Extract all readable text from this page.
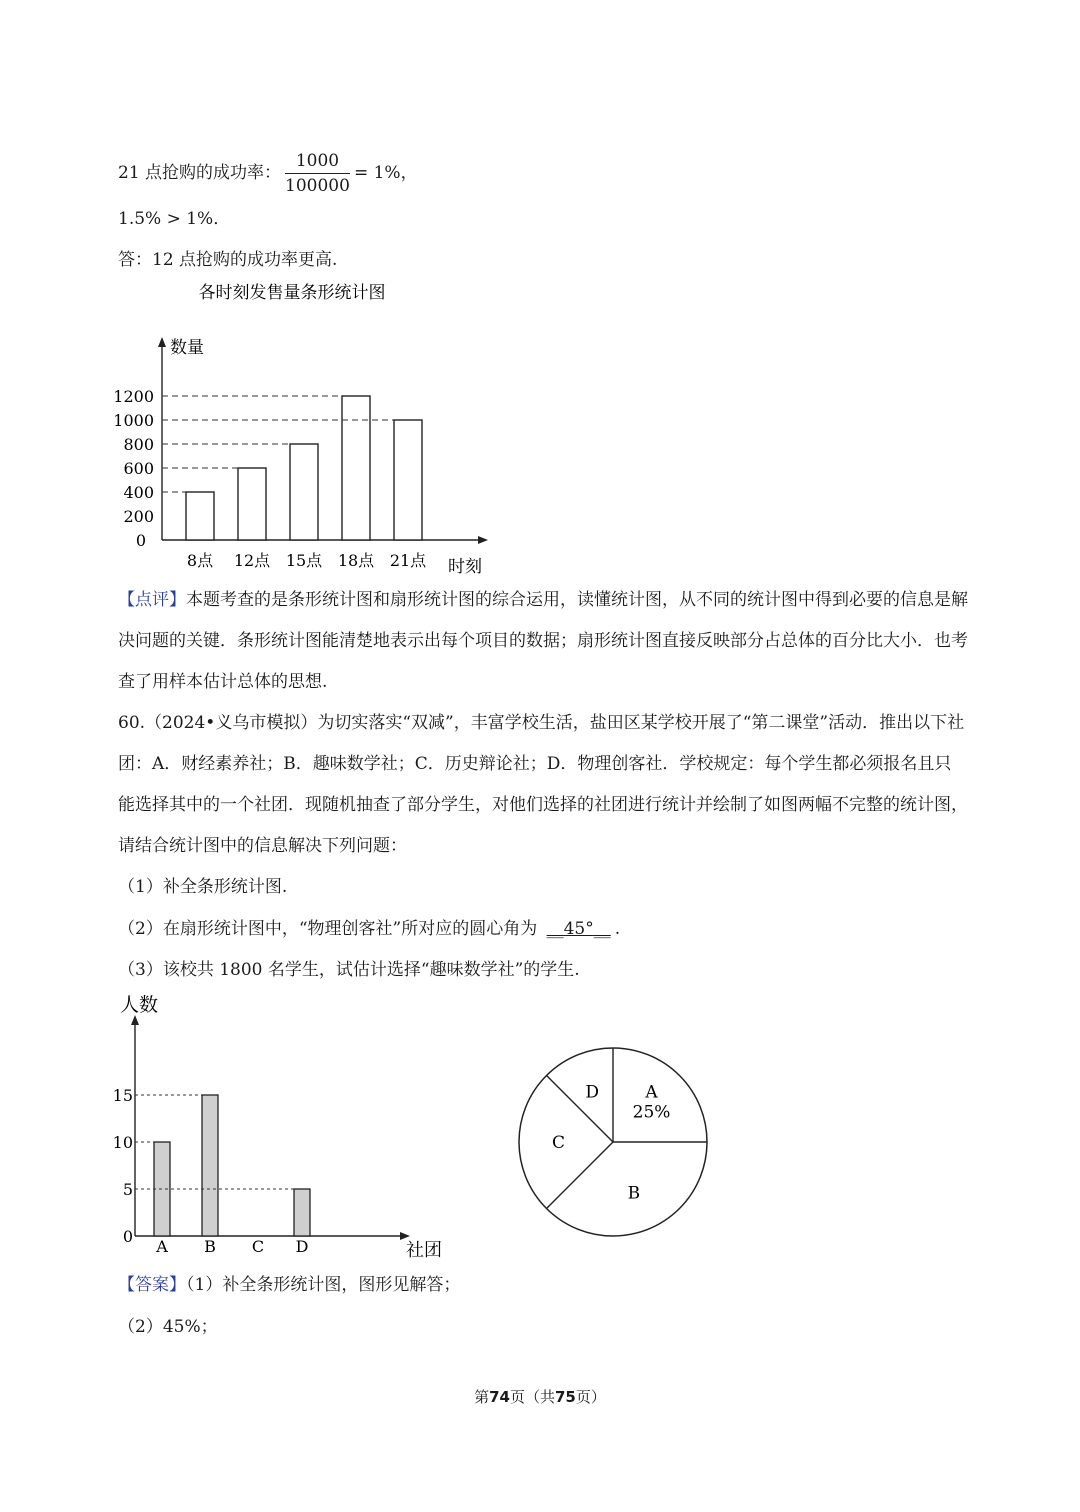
21 点抢购的成功率： $\frac{1000}{100000} = 1\%$，
1.5% > 1%．
答：12 点抢购的成功率更高.
各时刻发售量条形统计图
数量
时刻
0
200
400
600
800
1000
1200
8点 12点 15点 18点 21点
【点评】本题考查的是条形统计图和扇形统计图的综合运用，读懂统计图，从不同的统计图中得到必要的信息是解决问题的关键．条形统计图能清楚地表示出每个项目的数据；扇形统计图直接反映部分占总体的百分比大小．也考查了用样本估计总体的思想.
60.（2024•义乌市模拟）为切实落实“双减”，丰富学校生活，盐田区某学校开展了“第二课堂”活动．推出以下社团：A．财经素养社；B．趣味数学社；C．历史辩论社；D．物理创客社．学校规定：每个学生都必须报名且只能选择其中的一个社团．现随机抽查了部分学生，对他们选择的社团进行统计并绘制了如图两幅不完整的统计图，请结合统计图中的信息解决下列问题：
（1）补全条形统计图.
（2）在扇形统计图中，“物理创客社”所对应的圆心角为 __45°__ .
（3）该校共 1800 名学生，试估计选择“趣味数学社”的学生.
人数
社团
0
5
10
15
A B C D
A
25%
B
C
D
【答案】（1）补全条形统计图，图形见解答；
（2）45%；
第74页（共75页）
